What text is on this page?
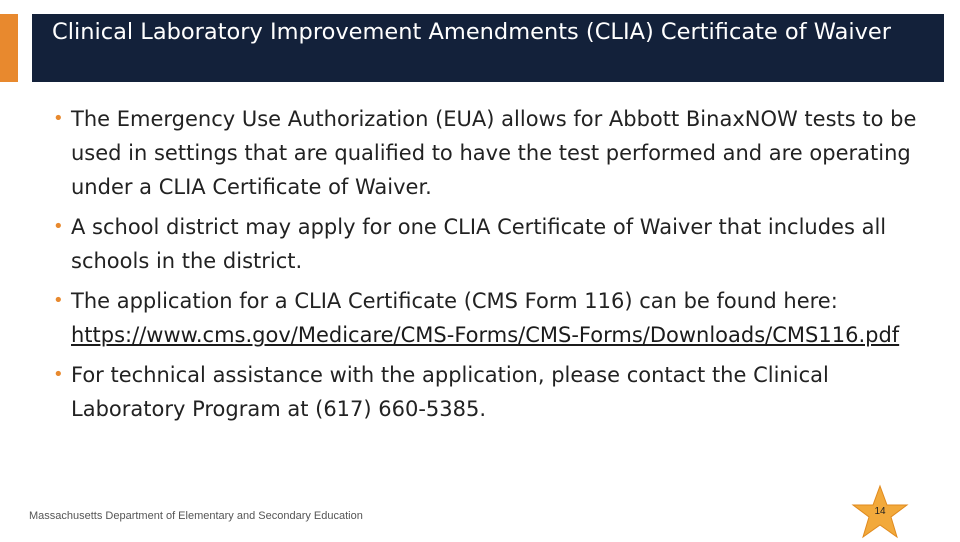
Clinical Laboratory Improvement Amendments (CLIA) Certificate of Waiver
• The Emergency Use Authorization (EUA) allows for Abbott BinaxNOW tests to be used in settings that are qualified to have the test performed and are operating under a CLIA Certificate of Waiver.
• A school district may apply for one CLIA Certificate of Waiver that includes all schools in the district.
• The application for a CLIA Certificate (CMS Form 116) can be found here: https://www.cms.gov/Medicare/CMS-Forms/CMS-Forms/Downloads/CMS116.pdf
• For technical assistance with the application, please contact the Clinical Laboratory Program at (617) 660-5385.
Massachusetts Department of Elementary and Secondary Education	14
